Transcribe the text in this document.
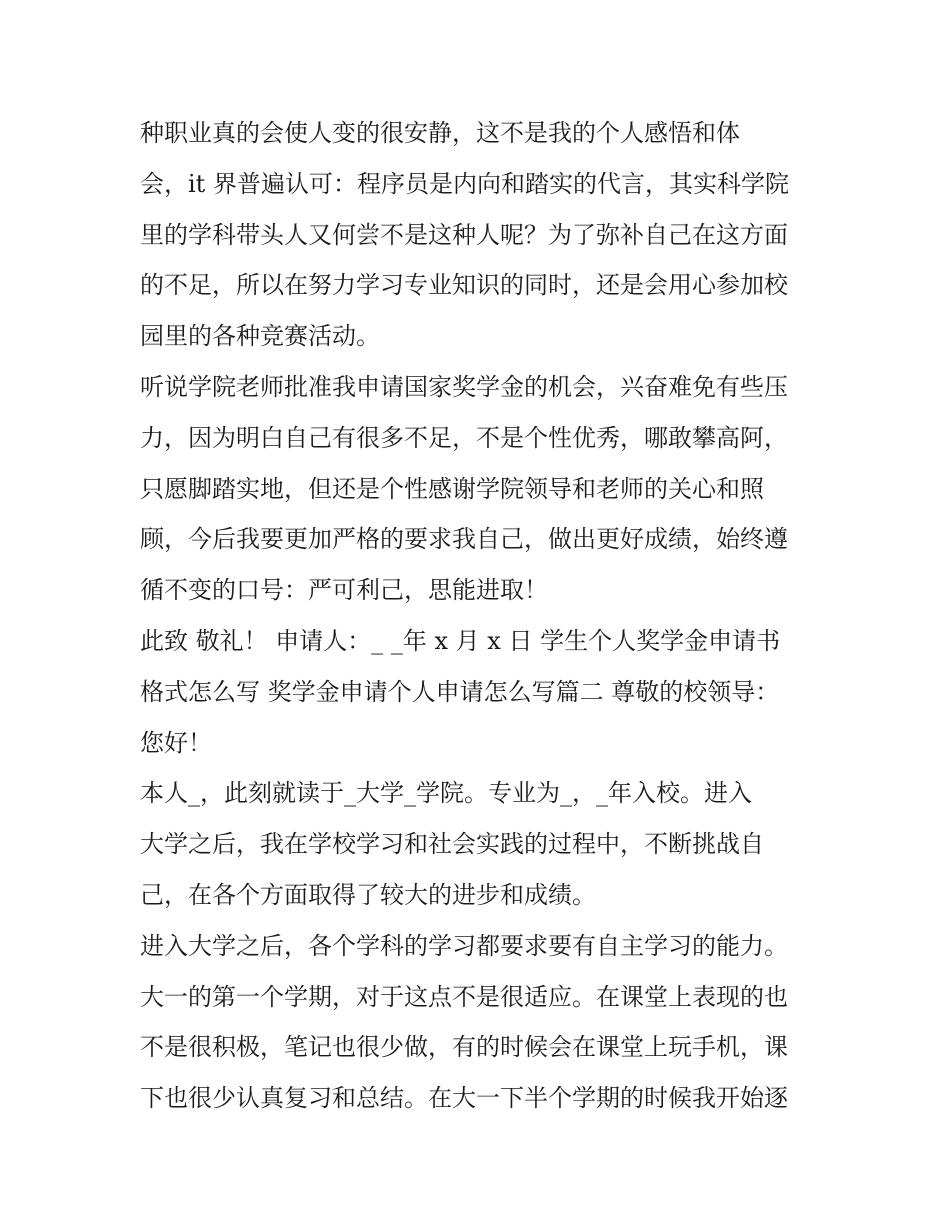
种职业真的会使人变的很安静，这不是我的个人感悟和体
会，it 界普遍认可：程序员是内向和踏实的代言，其实科学院
里的学科带头人又何尝不是这种人呢？为了弥补自己在这方面
的不足，所以在努力学习专业知识的同时，还是会用心参加校
园里的各种竞赛活动。
听说学院老师批准我申请国家奖学金的机会，兴奋难免有些压
力，因为明白自己有很多不足，不是个性优秀，哪敢攀高阿，
只愿脚踏实地，但还是个性感谢学院领导和老师的关心和照
顾，今后我要更加严格的要求我自己，做出更好成绩，始终遵
循不变的口号：严可利己，思能进取！
此致 敬礼！ 申请人：_ _年 x 月 x 日 学生个人奖学金申请书
格式怎么写 奖学金申请个人申请怎么写篇二 尊敬的校领导：
您好！
本人_，此刻就读于_大学_学院。专业为_，_年入校。进入
大学之后，我在学校学习和社会实践的过程中，不断挑战自
己，在各个方面取得了较大的进步和成绩。
进入大学之后，各个学科的学习都要求要有自主学习的能力。
大一的第一个学期，对于这点不是很适应。在课堂上表现的也
不是很积极，笔记也很少做，有的时候会在课堂上玩手机，课
下也很少认真复习和总结。在大一下半个学期的时候我开始逐
